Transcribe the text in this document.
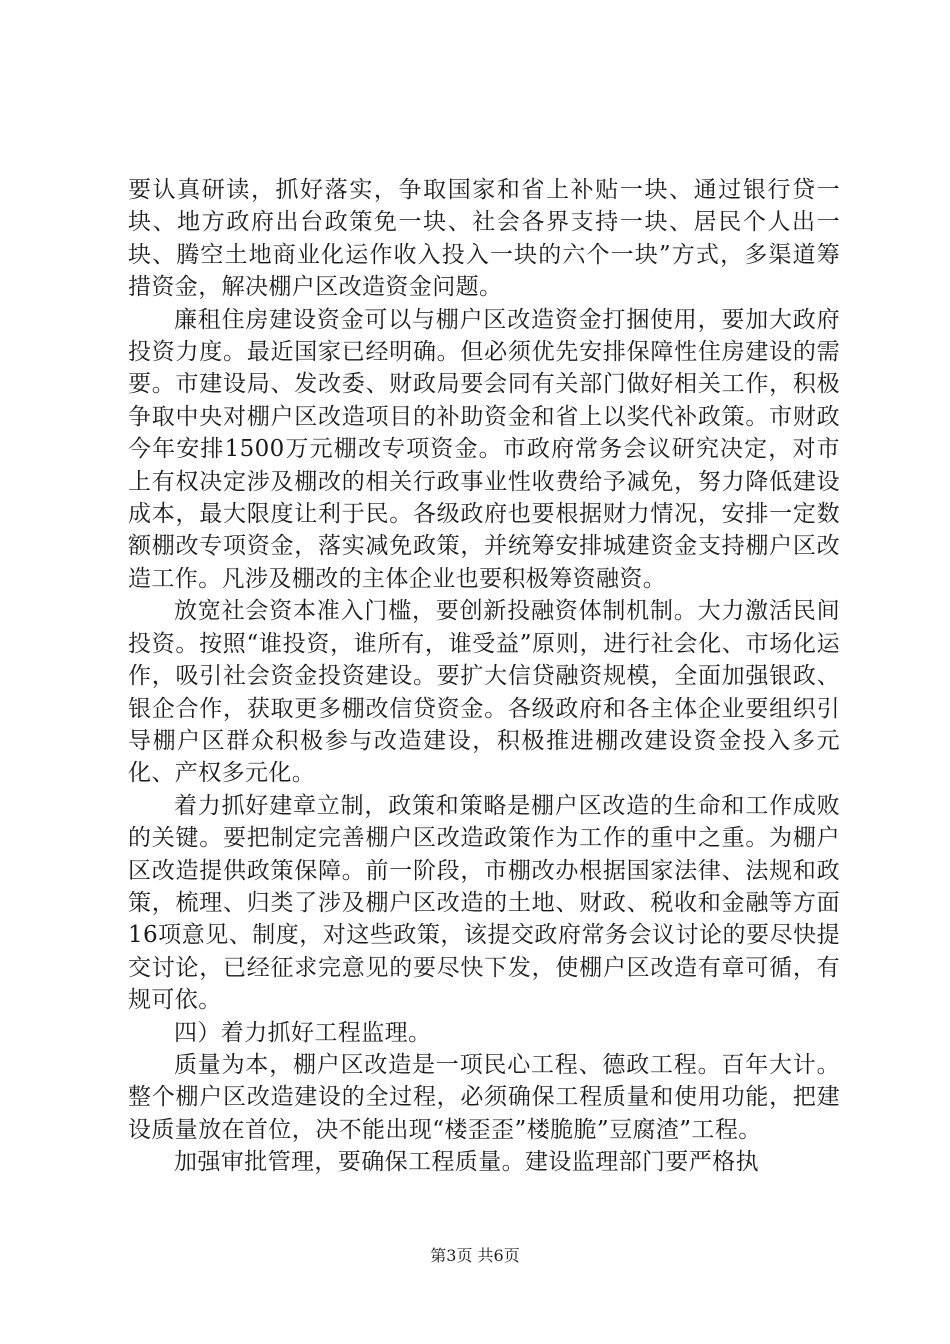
要认真研读，抓好落实，争取国家和省上补贴一块、通过银行贷一块、地方政府出台政策免一块、社会各界支持一块、居民个人出一块、腾空土地商业化运作收入投入一块的六个一块”方式，多渠道筹措资金，解决棚户区改造资金问题。

廉租住房建设资金可以与棚户区改造资金打捆使用，要加大政府投资力度。最近国家已经明确。但必须优先安排保障性住房建设的需要。市建设局、发改委、财政局要会同有关部门做好相关工作，积极争取中央对棚户区改造项目的补助资金和省上以奖代补政策。市财政今年安排1500万元棚改专项资金。市政府常务会议研究决定，对市上有权决定涉及棚改的相关行政事业性收费给予减免，努力降低建设成本，最大限度让利于民。各级政府也要根据财力情况，安排一定数额棚改专项资金，落实减免政策，并统筹安排城建资金支持棚户区改造工作。凡涉及棚改的主体企业也要积极筹资融资。

放宽社会资本准入门槛，要创新投融资体制机制。大力激活民间投资。按照“谁投资，谁所有，谁受益”原则，进行社会化、市场化运作，吸引社会资金投资建设。要扩大信贷融资规模，全面加强银政、银企合作，获取更多棚改信贷资金。各级政府和各主体企业要组织引导棚户区群众积极参与改造建设，积极推进棚改建设资金投入多元化、产权多元化。

着力抓好建章立制，政策和策略是棚户区改造的生命和工作成败的关键。要把制定完善棚户区改造政策作为工作的重中之重。为棚户区改造提供政策保障。前一阶段，市棚改办根据国家法律、法规和政策，梳理、归类了涉及棚户区改造的土地、财政、税收和金融等方面16项意见、制度，对这些政策，该提交政府常务会议讨论的要尽快提交讨论，已经征求完意见的要尽快下发，使棚户区改造有章可循，有规可依。

四）着力抓好工程监理。

质量为本，棚户区改造是一项民心工程、德政工程。百年大计。整个棚户区改造建设的全过程，必须确保工程质量和使用功能，把建设质量放在首位，决不能出现“楼歪歪”楼脆脆”豆腐渣”工程。

加强审批管理，要确保工程质量。建设监理部门要严格执

第3页 共6页
